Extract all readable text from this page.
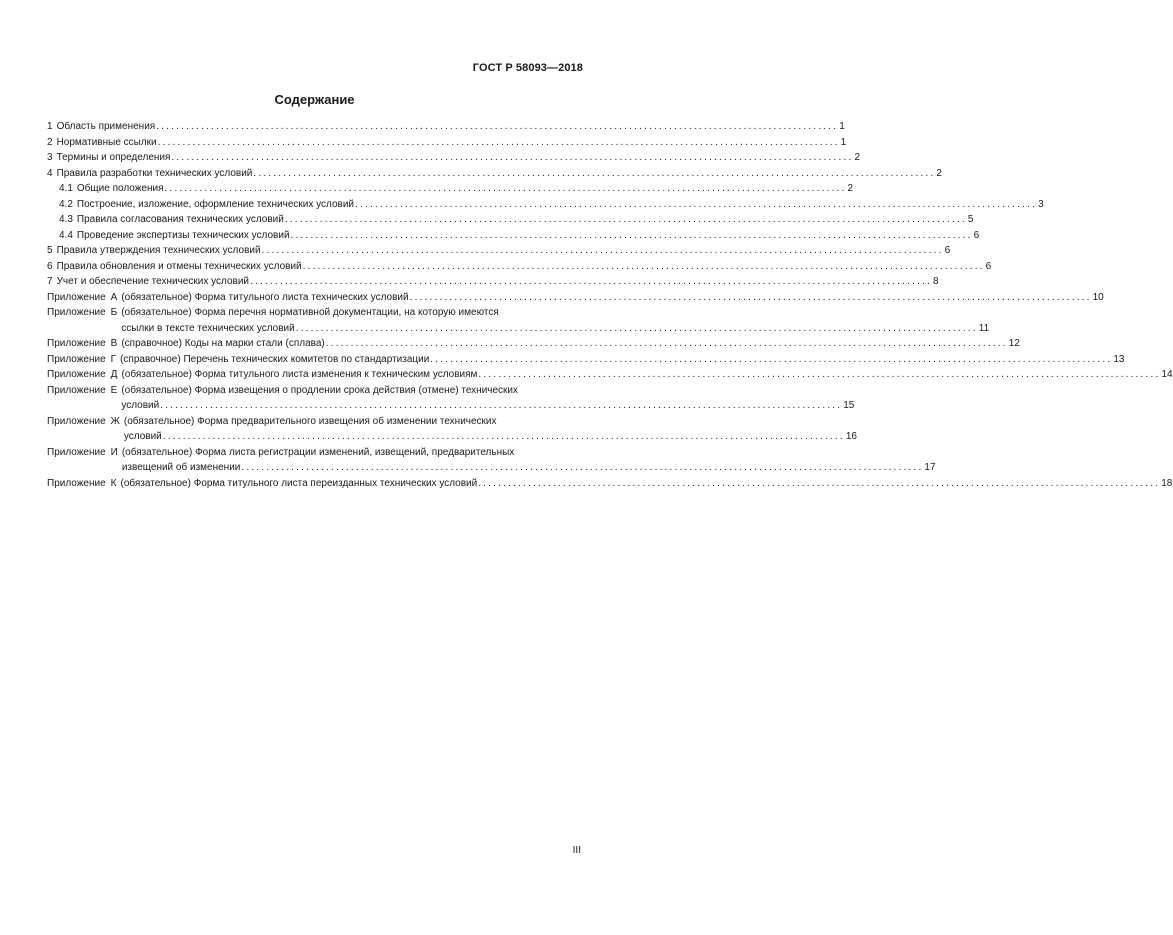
ГОСТ Р 58093—2018
Содержание
1 Область применения ......................................................................................................................................... 1
2 Нормативные ссылки ......................................................................................................................................... 1
3 Термины и определения ......................................................................................................................................... 2
4 Правила разработки технических условий ......................................................................................................................................... 2
4.1 Общие положения ......................................................................................................................................... 2
4.2 Построение, изложение, оформление технических условий ......................................................................................................................................... 3
4.3 Правила согласования технических условий ......................................................................................................................................... 5
4.4 Проведение экспертизы технических условий ......................................................................................................................................... 6
5 Правила утверждения технических условий ......................................................................................................................................... 6
6 Правила обновления и отмены технических условий ......................................................................................................................................... 6
7 Учет и обеспечение технических условий ......................................................................................................................................... 8
Приложение А (обязательное) Форма титульного листа технических условий ......................................................................................................................................... 10
Приложение Б (обязательное) Форма перечня нормативной документации, на которую имеются
ссылки в тексте технических условий ......................................................................................................................................... 11
Приложение В (справочное) Коды на марки стали (сплава) ......................................................................................................................................... 12
Приложение Г (справочное) Перечень технических комитетов по стандартизации ......................................................................................................................................... 13
Приложение Д (обязательное) Форма титульного листа изменения к техническим условиям ......................................................................................................................................... 14
Приложение Е (обязательное) Форма извещения о продлении срока действия (отмене) технических
условий ......................................................................................................................................... 15
Приложение Ж (обязательное) Форма предварительного извещения об изменении технических
условий ......................................................................................................................................... 16
Приложение И (обязательное) Форма листа регистрации изменений, извещений, предварительных
извещений об изменении ......................................................................................................................................... 17
Приложение К (обязательное) Форма титульного листа переизданных технических условий ......................................................................................................................................... 18
III
